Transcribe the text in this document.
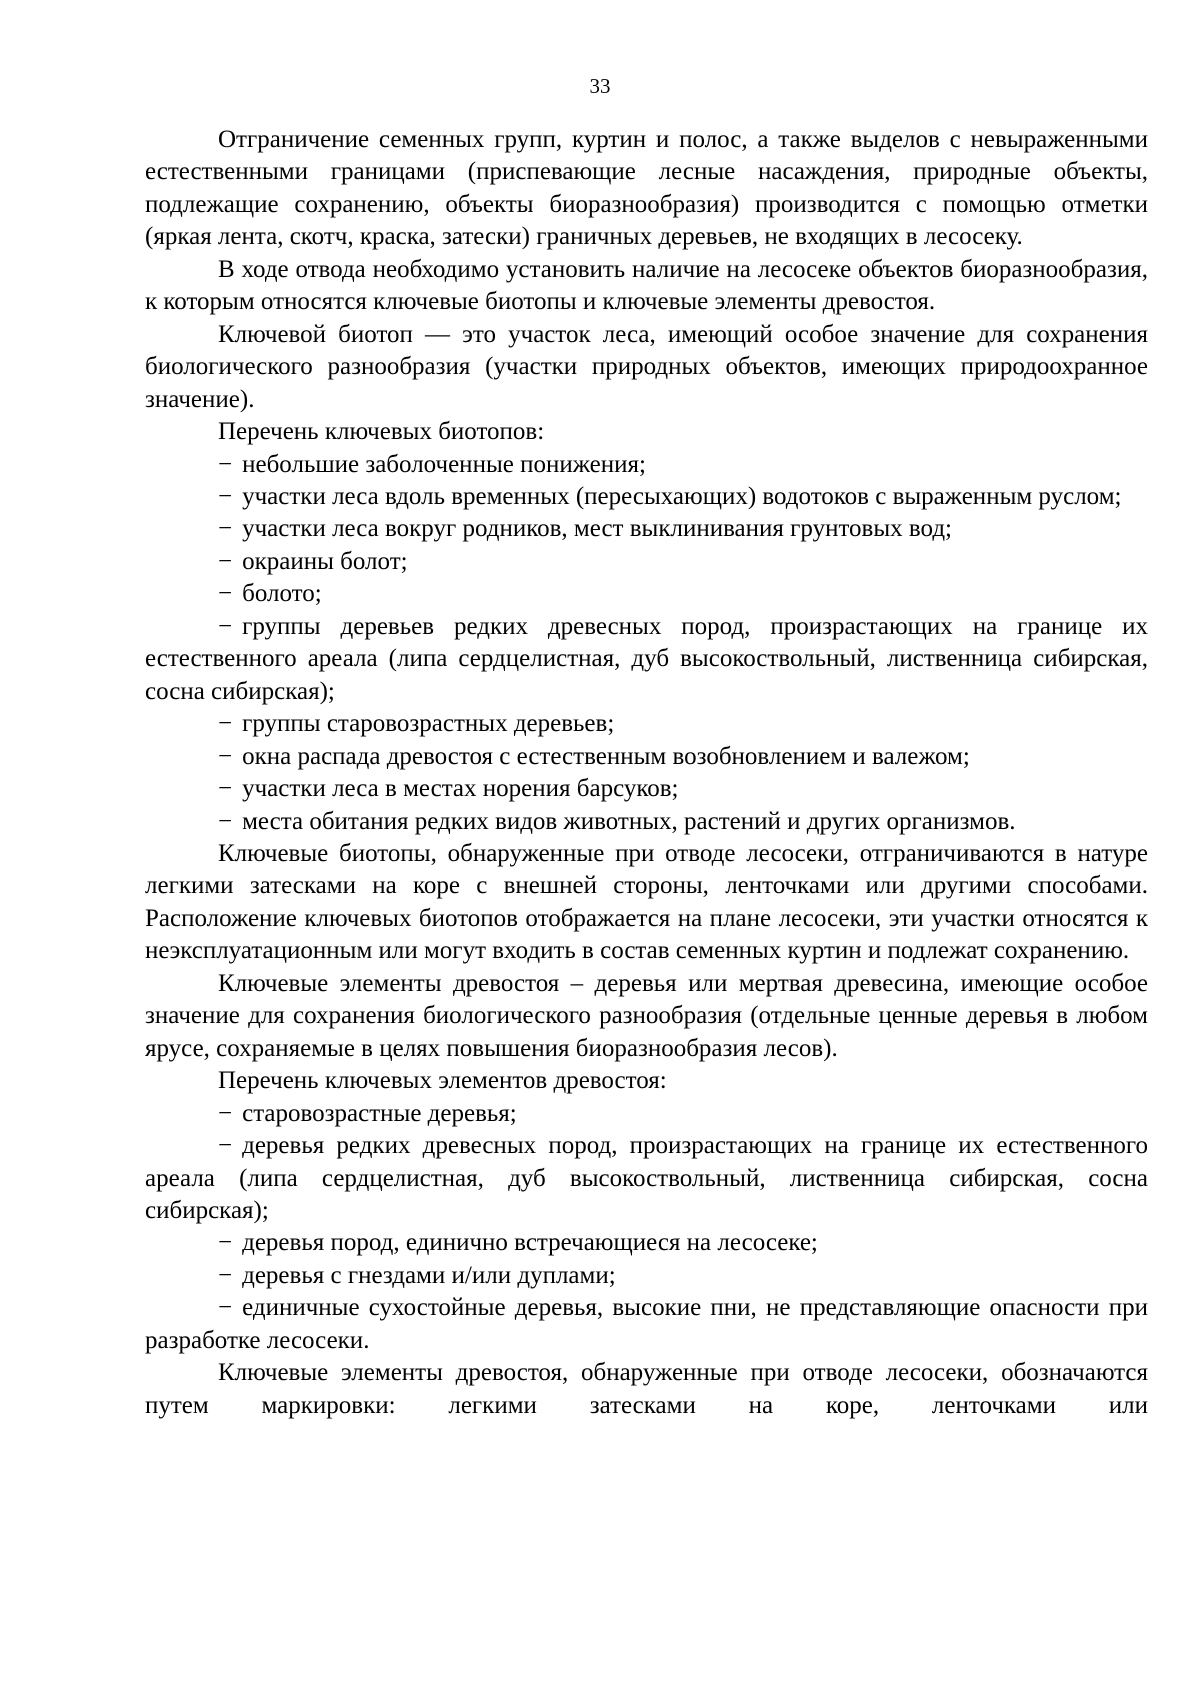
33

Отграничение семенных групп, куртин и полос, а также выделов с невыраженными естественными границами (приспевающие лесные насаждения, природные объекты, подлежащие сохранению, объекты биоразнообразия) производится с помощью отметки (яркая лента, скотч, краска, затески) граничных деревьев, не входящих в лесосеку.

В ходе отвода необходимо установить наличие на лесосеке объектов биоразнообразия, к которым относятся ключевые биотопы и ключевые элементы древостоя.

Ключевой биотоп — это участок леса, имеющий особое значение для сохранения биологического разнообразия (участки природных объектов, имеющих природоохранное значение).

Перечень ключевых биотопов:

− небольшие заболоченные понижения;
− участки леса вдоль временных (пересыхающих) водотоков с выраженным руслом;
− участки леса вокруг родников, мест выклинивания грунтовых вод;
− окраины болот;
− болото;
− группы деревьев редких древесных пород, произрастающих на границе их естественного ареала (липа сердцелистная, дуб высокоствольный, лиственница сибирская, сосна сибирская);
− группы старовозрастных деревьев;
− окна распада древостоя с естественным возобновлением и валежом;
− участки леса в местах норения барсуков;
− места обитания редких видов животных, растений и других организмов.

Ключевые биотопы, обнаруженные при отводе лесосеки, отграничиваются в натуре легкими затесками на коре с внешней стороны, ленточками или другими способами. Расположение ключевых биотопов отображается на плане лесосеки, эти участки относятся к неэксплуатационным или могут входить в состав семенных куртин и подлежат сохранению.

Ключевые элементы древостоя – деревья или мертвая древесина, имеющие особое значение для сохранения биологического разнообразия (отдельные ценные деревья в любом ярусе, сохраняемые в целях повышения биоразнообразия лесов).

Перечень ключевых элементов древостоя:

− старовозрастные деревья;
− деревья редких древесных пород, произрастающих на границе их естественного ареала (липа сердцелистная, дуб высокоствольный, лиственница сибирская, сосна сибирская);
− деревья пород, единично встречающиеся на лесосеке;
− деревья с гнездами и/или дуплами;
− единичные сухостойные деревья, высокие пни, не представляющие опасности при разработке лесосеки.

Ключевые элементы древостоя, обнаруженные при отводе лесосеки, обозначаются путем маркировки: легкими затесками на коре, ленточками или
